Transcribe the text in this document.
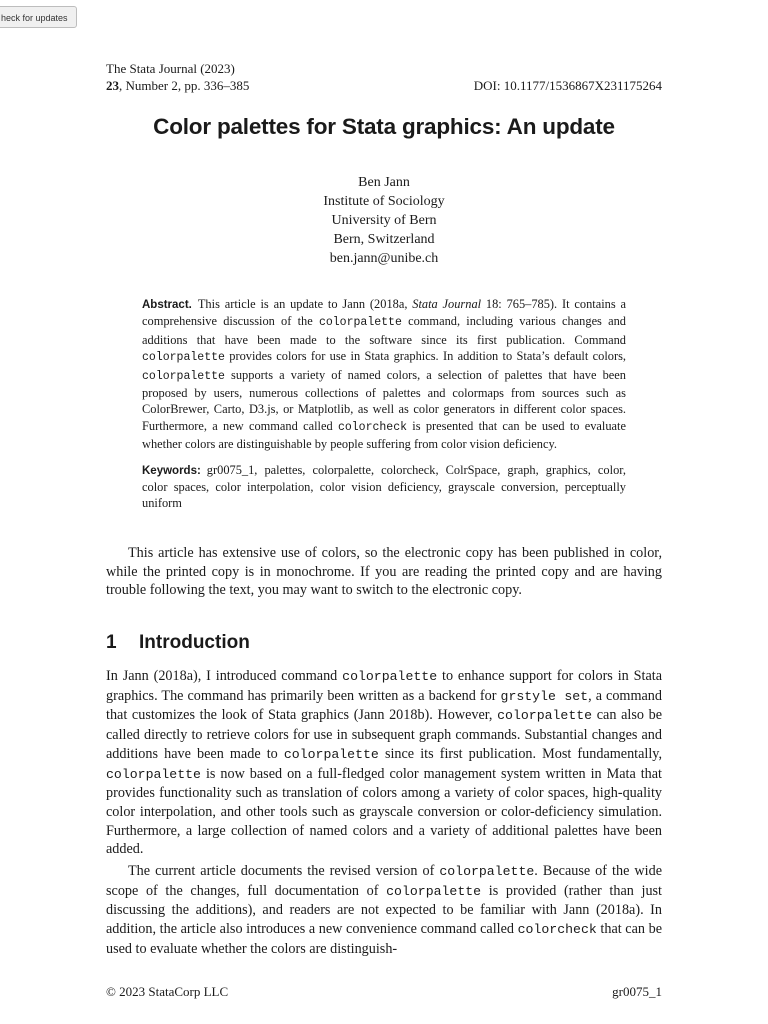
heck for updates
The Stata Journal (2023)
23, Number 2, pp. 336–385	DOI: 10.1177/1536867X231175264
Color palettes for Stata graphics: An update
Ben Jann
Institute of Sociology
University of Bern
Bern, Switzerland
ben.jann@unibe.ch

Abstract. This article is an update to Jann (2018a, Stata Journal 18: 765–785). It contains a comprehensive discussion of the colorpalette command, including various changes and additions that have been made to the software since its first publication. Command colorpalette provides colors for use in Stata graphics. In addition to Stata’s default colors, colorpalette supports a variety of named colors, a selection of palettes that have been proposed by users, numerous collections of palettes and colormaps from sources such as ColorBrewer, Carto, D3.js, or Matplotlib, as well as color generators in different color spaces. Furthermore, a new command called colorcheck is presented that can be used to evaluate whether colors are distinguishable by people suffering from color vision deficiency.

Keywords: gr0075_1, palettes, colorpalette, colorcheck, ColrSpace, graph, graphics, color, color spaces, color interpolation, color vision deficiency, grayscale conversion, perceptually uniform

This article has extensive use of colors, so the electronic copy has been published in color, while the printed copy is in monochrome. If you are reading the printed copy and are having trouble following the text, you may want to switch to the electronic copy.

1 Introduction

In Jann (2018a), I introduced command colorpalette to enhance support for colors in Stata graphics. The command has primarily been written as a backend for grstyle set, a command that customizes the look of Stata graphics (Jann 2018b). However, colorpalette can also be called directly to retrieve colors for use in subsequent graph commands. Substantial changes and additions have been made to colorpalette since its first publication. Most fundamentally, colorpalette is now based on a full-fledged color management system written in Mata that provides functionality such as translation of colors among a variety of color spaces, high-quality color interpolation, and other tools such as grayscale conversion or color-deficiency simulation. Furthermore, a large collection of named colors and a variety of additional palettes have been added.

The current article documents the revised version of colorpalette. Because of the wide scope of the changes, full documentation of colorpalette is provided (rather than just discussing the additions), and readers are not expected to be familiar with Jann (2018a). In addition, the article also introduces a new convenience command called colorcheck that can be used to evaluate whether the colors are distinguish-

© 2023 StataCorp LLC	gr0075_1
